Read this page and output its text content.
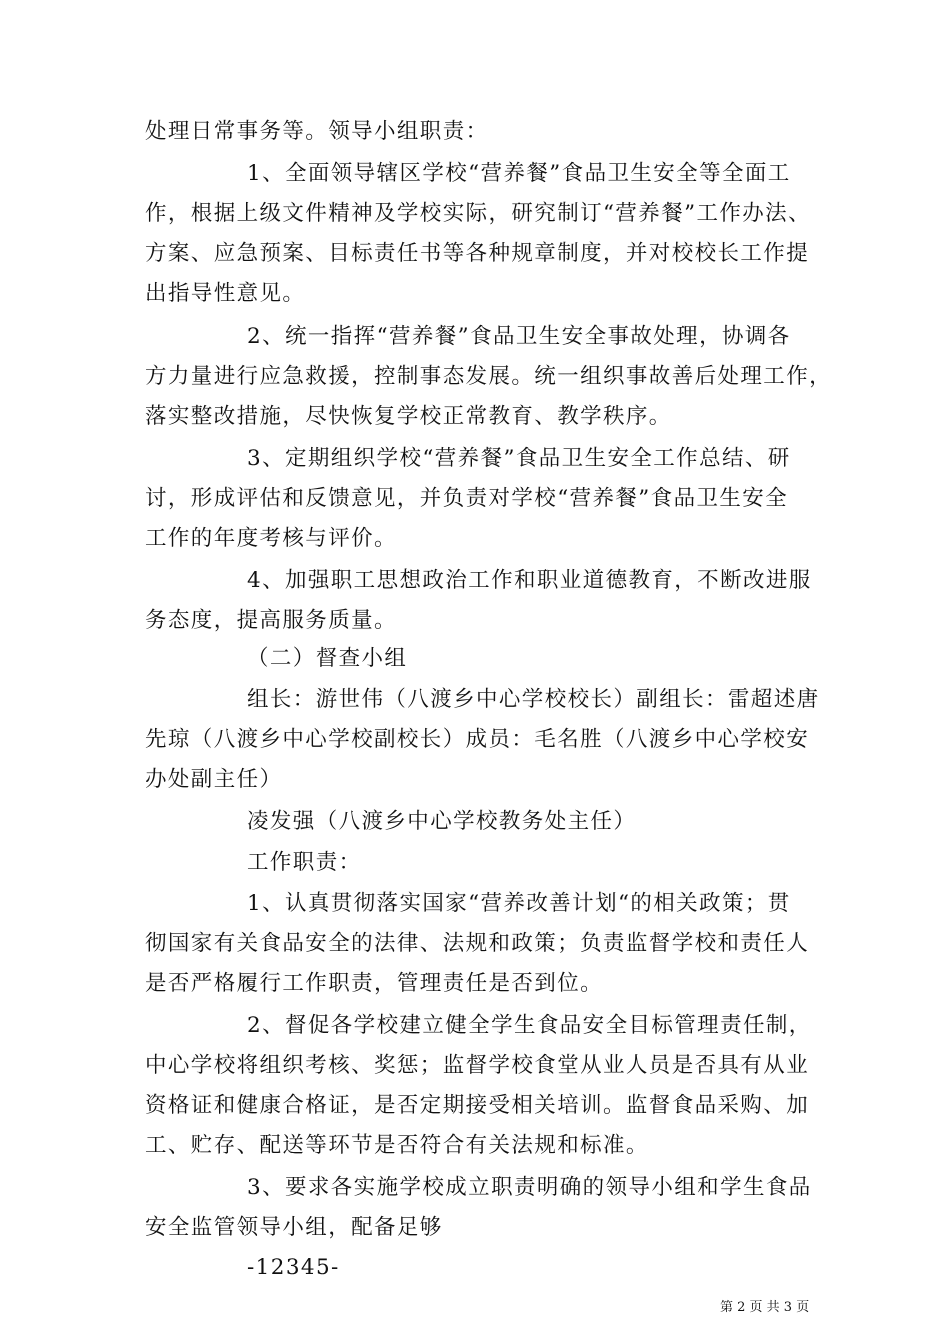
处理日常事务等。领导小组职责：
1、全面领导辖区学校“营养餐”食品卫生安全等全面工
作，根据上级文件精神及学校实际，研究制订“营养餐”工作办法、
方案、应急预案、目标责任书等各种规章制度，并对校校长工作提
出指导性意见。
2、统一指挥“营养餐”食品卫生安全事故处理，协调各
方力量进行应急救援，控制事态发展。统一组织事故善后处理工作，
落实整改措施，尽快恢复学校正常教育、教学秩序。
3、定期组织学校“营养餐”食品卫生安全工作总结、研
讨，形成评估和反馈意见，并负责对学校“营养餐”食品卫生安全
工作的年度考核与评价。
4、加强职工思想政治工作和职业道德教育，不断改进服
务态度，提高服务质量。
（二）督查小组
组长：游世伟（八渡乡中心学校校长）副组长：雷超述唐
先琼（八渡乡中心学校副校长）成员：毛名胜（八渡乡中心学校安
办处副主任）
凌发强（八渡乡中心学校教务处主任）
工作职责：
1、认真贯彻落实国家“营养改善计划“的相关政策；贯
彻国家有关食品安全的法律、法规和政策；负责监督学校和责任人
是否严格履行工作职责，管理责任是否到位。
2、督促各学校建立健全学生食品安全目标管理责任制，
中心学校将组织考核、奖惩；监督学校食堂从业人员是否具有从业
资格证和健康合格证，是否定期接受相关培训。监督食品采购、加
工、贮存、配送等环节是否符合有关法规和标准。
3、要求各实施学校成立职责明确的领导小组和学生食品
安全监管领导小组，配备足够
-12345-
第 2 页 共 3 页
